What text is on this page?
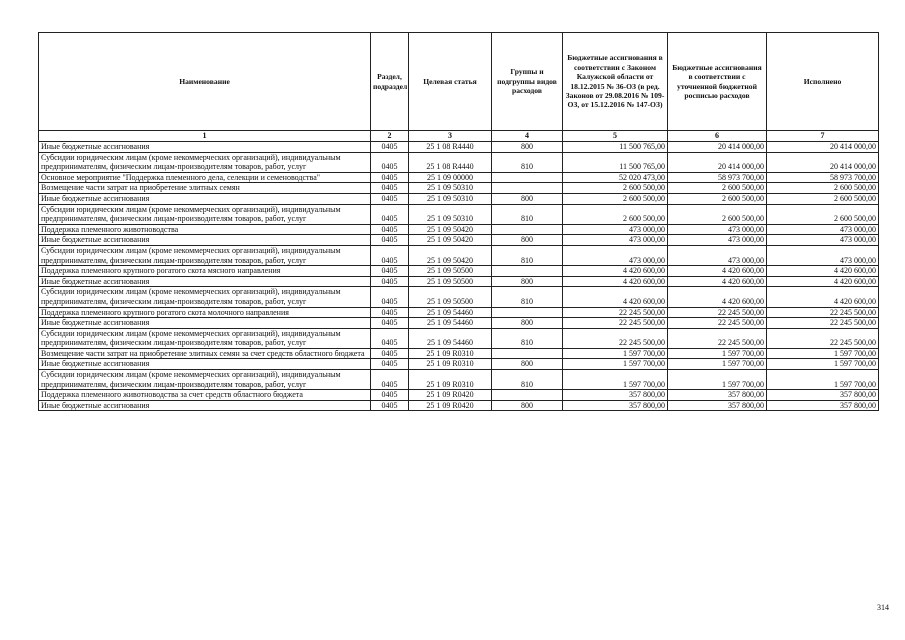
Наименование	Раздел, подраздел	Целевая статья	Группы и подгруппы видов расходов	Бюджетные ассигнования в соответствии с Законом Калужской области от 18.12.2015 № 36-ОЗ (в ред. Законов от 29.08.2016 № 109-ОЗ, от 15.12.2016 № 147-ОЗ)	Бюджетные ассигнования в соответствии с уточненной бюджетной росписью расходов	Исполнено
1	2	3	4	5	6	7
Иные бюджетные ассигнования	0405	25 1 08 R4440	800	11 500 765,00	20 414 000,00	20 414 000,00
Субсидии юридическим лицам (кроме некоммерческих организаций), индивидуальным предпринимателям, физическим лицам-производителям товаров, работ, услуг	0405	25 1 08 R4440	810	11 500 765,00	20 414 000,00	20 414 000,00
Основное мероприятие "Поддержка племенного дела, селекции и семеноводства"	0405	25 1 09 00000		52 020 473,00	58 973 700,00	58 973 700,00
Возмещение части затрат на приобретение элитных семян	0405	25 1 09 50310		2 600 500,00	2 600 500,00	2 600 500,00
Иные бюджетные ассигнования	0405	25 1 09 50310	800	2 600 500,00	2 600 500,00	2 600 500,00
Субсидии юридическим лицам (кроме некоммерческих организаций), индивидуальным предпринимателям, физическим лицам-производителям товаров, работ, услуг	0405	25 1 09 50310	810	2 600 500,00	2 600 500,00	2 600 500,00
Поддержка племенного животноводства	0405	25 1 09 50420		473 000,00	473 000,00	473 000,00
Иные бюджетные ассигнования	0405	25 1 09 50420	800	473 000,00	473 000,00	473 000,00
Субсидии юридическим лицам (кроме некоммерческих организаций), индивидуальным предпринимателям, физическим лицам-производителям товаров, работ, услуг	0405	25 1 09 50420	810	473 000,00	473 000,00	473 000,00
Поддержка племенного крупного рогатого скота мясного направления	0405	25 1 09 50500		4 420 600,00	4 420 600,00	4 420 600,00
Иные бюджетные ассигнования	0405	25 1 09 50500	800	4 420 600,00	4 420 600,00	4 420 600,00
Субсидии юридическим лицам (кроме некоммерческих организаций), индивидуальным предпринимателям, физическим лицам-производителям товаров, работ, услуг	0405	25 1 09 50500	810	4 420 600,00	4 420 600,00	4 420 600,00
Поддержка племенного крупного рогатого скота молочного направления	0405	25 1 09 54460		22 245 500,00	22 245 500,00	22 245 500,00
Иные бюджетные ассигнования	0405	25 1 09 54460	800	22 245 500,00	22 245 500,00	22 245 500,00
Субсидии юридическим лицам (кроме некоммерческих организаций), индивидуальным предпринимателям, физическим лицам-производителям товаров, работ, услуг	0405	25 1 09 54460	810	22 245 500,00	22 245 500,00	22 245 500,00
Возмещение части затрат на приобретение элитных семян за счет средств областного бюджета	0405	25 1 09 R0310		1 597 700,00	1 597 700,00	1 597 700,00
Иные бюджетные ассигнования	0405	25 1 09 R0310	800	1 597 700,00	1 597 700,00	1 597 700,00
Субсидии юридическим лицам (кроме некоммерческих организаций), индивидуальным предпринимателям, физическим лицам-производителям товаров, работ, услуг	0405	25 1 09 R0310	810	1 597 700,00	1 597 700,00	1 597 700,00
Поддержка племенного животноводства за счет средств областного бюджета	0405	25 1 09 R0420		357 800,00	357 800,00	357 800,00
Иные бюджетные ассигнования	0405	25 1 09 R0420	800	357 800,00	357 800,00	357 800,00
314
